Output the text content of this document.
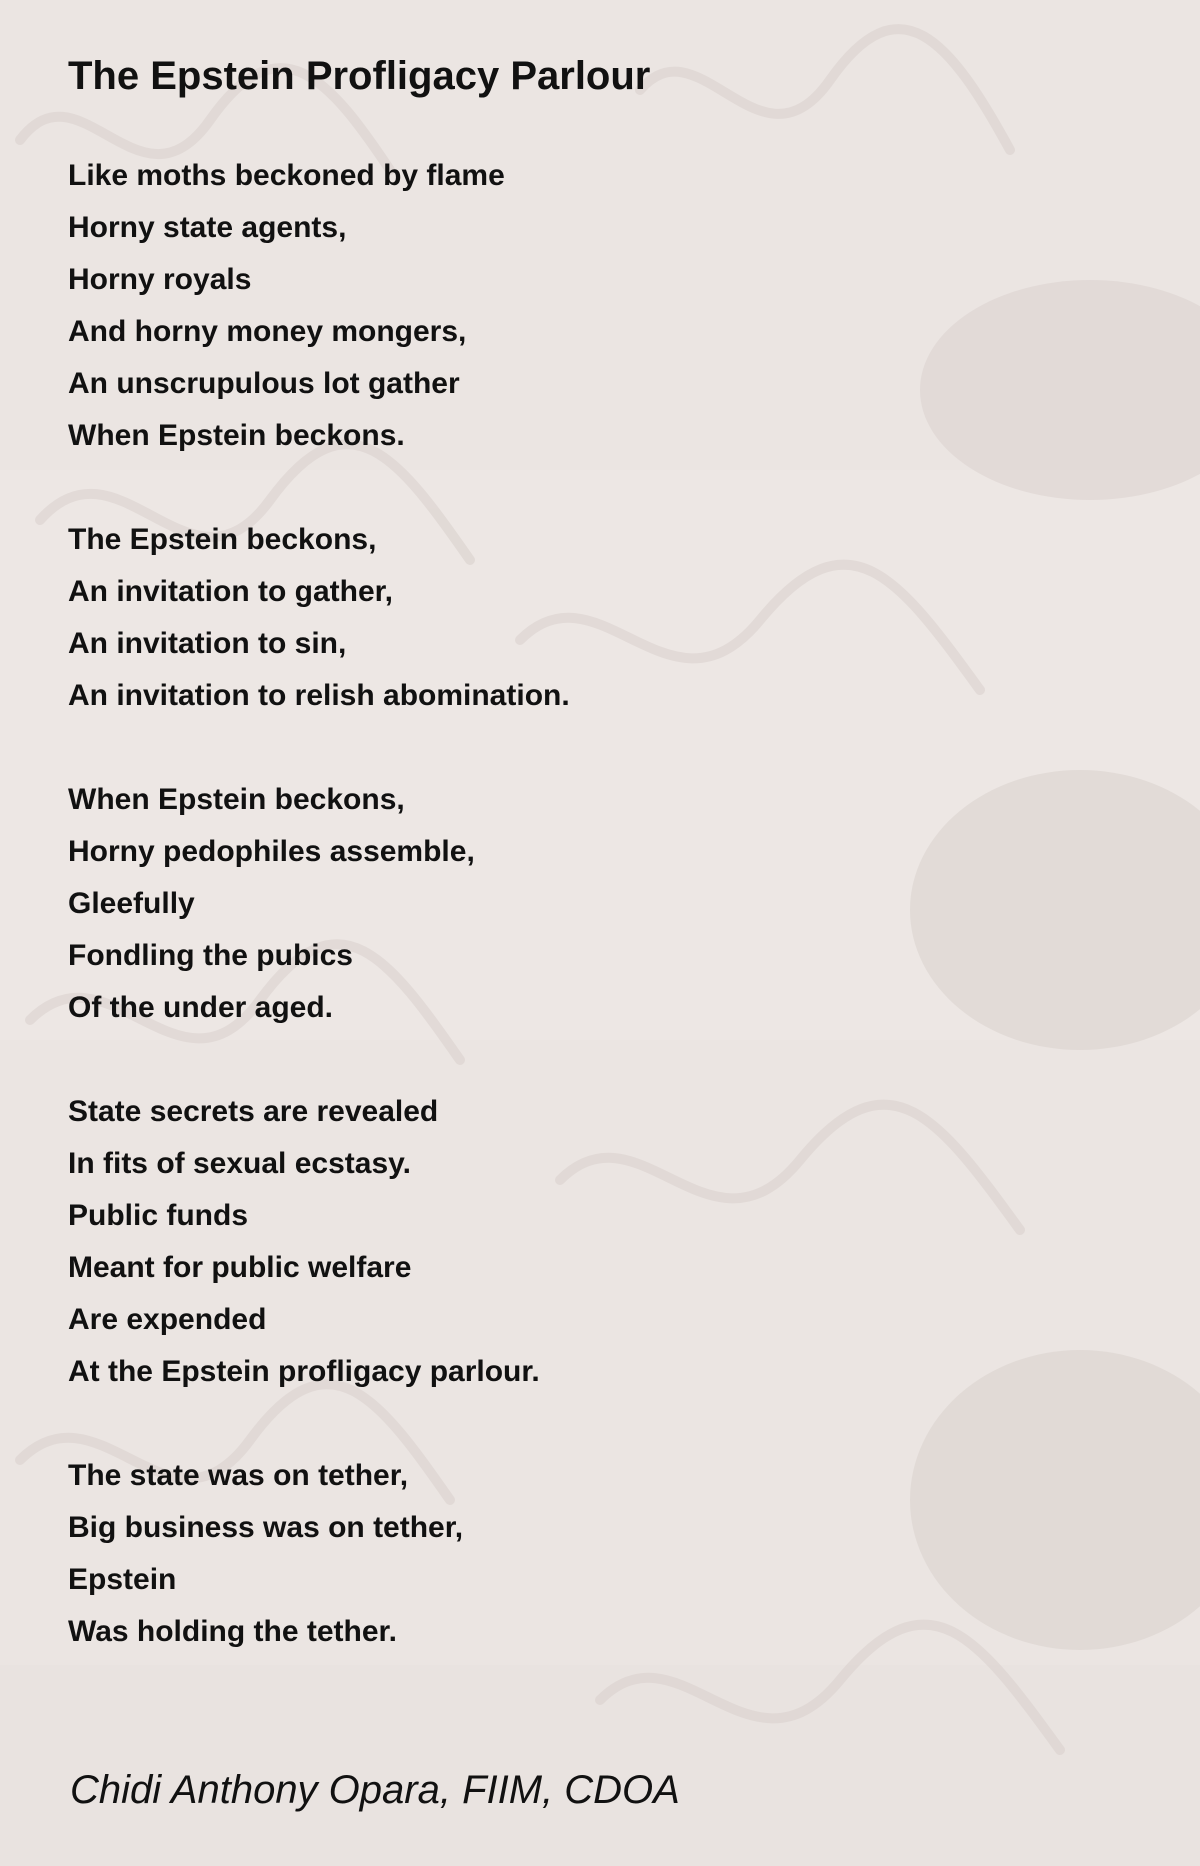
The Epstein Profligacy Parlour
Like moths beckoned by flame
Horny state agents,
Horny royals
And horny money mongers,
An unscrupulous lot gather
When Epstein beckons.
The Epstein beckons,
An invitation to gather,
An invitation to sin,
An invitation to relish abomination.
When Epstein beckons,
Horny pedophiles assemble,
Gleefully
Fondling the pubics
Of the under aged.
State secrets are revealed
In fits of sexual ecstasy.
Public funds
Meant for public welfare
Are expended
At the Epstein profligacy parlour.
The state was on tether,
Big business was on tether,
Epstein
Was holding the tether.

Chidi Anthony Opara, FIIM, CDOA
